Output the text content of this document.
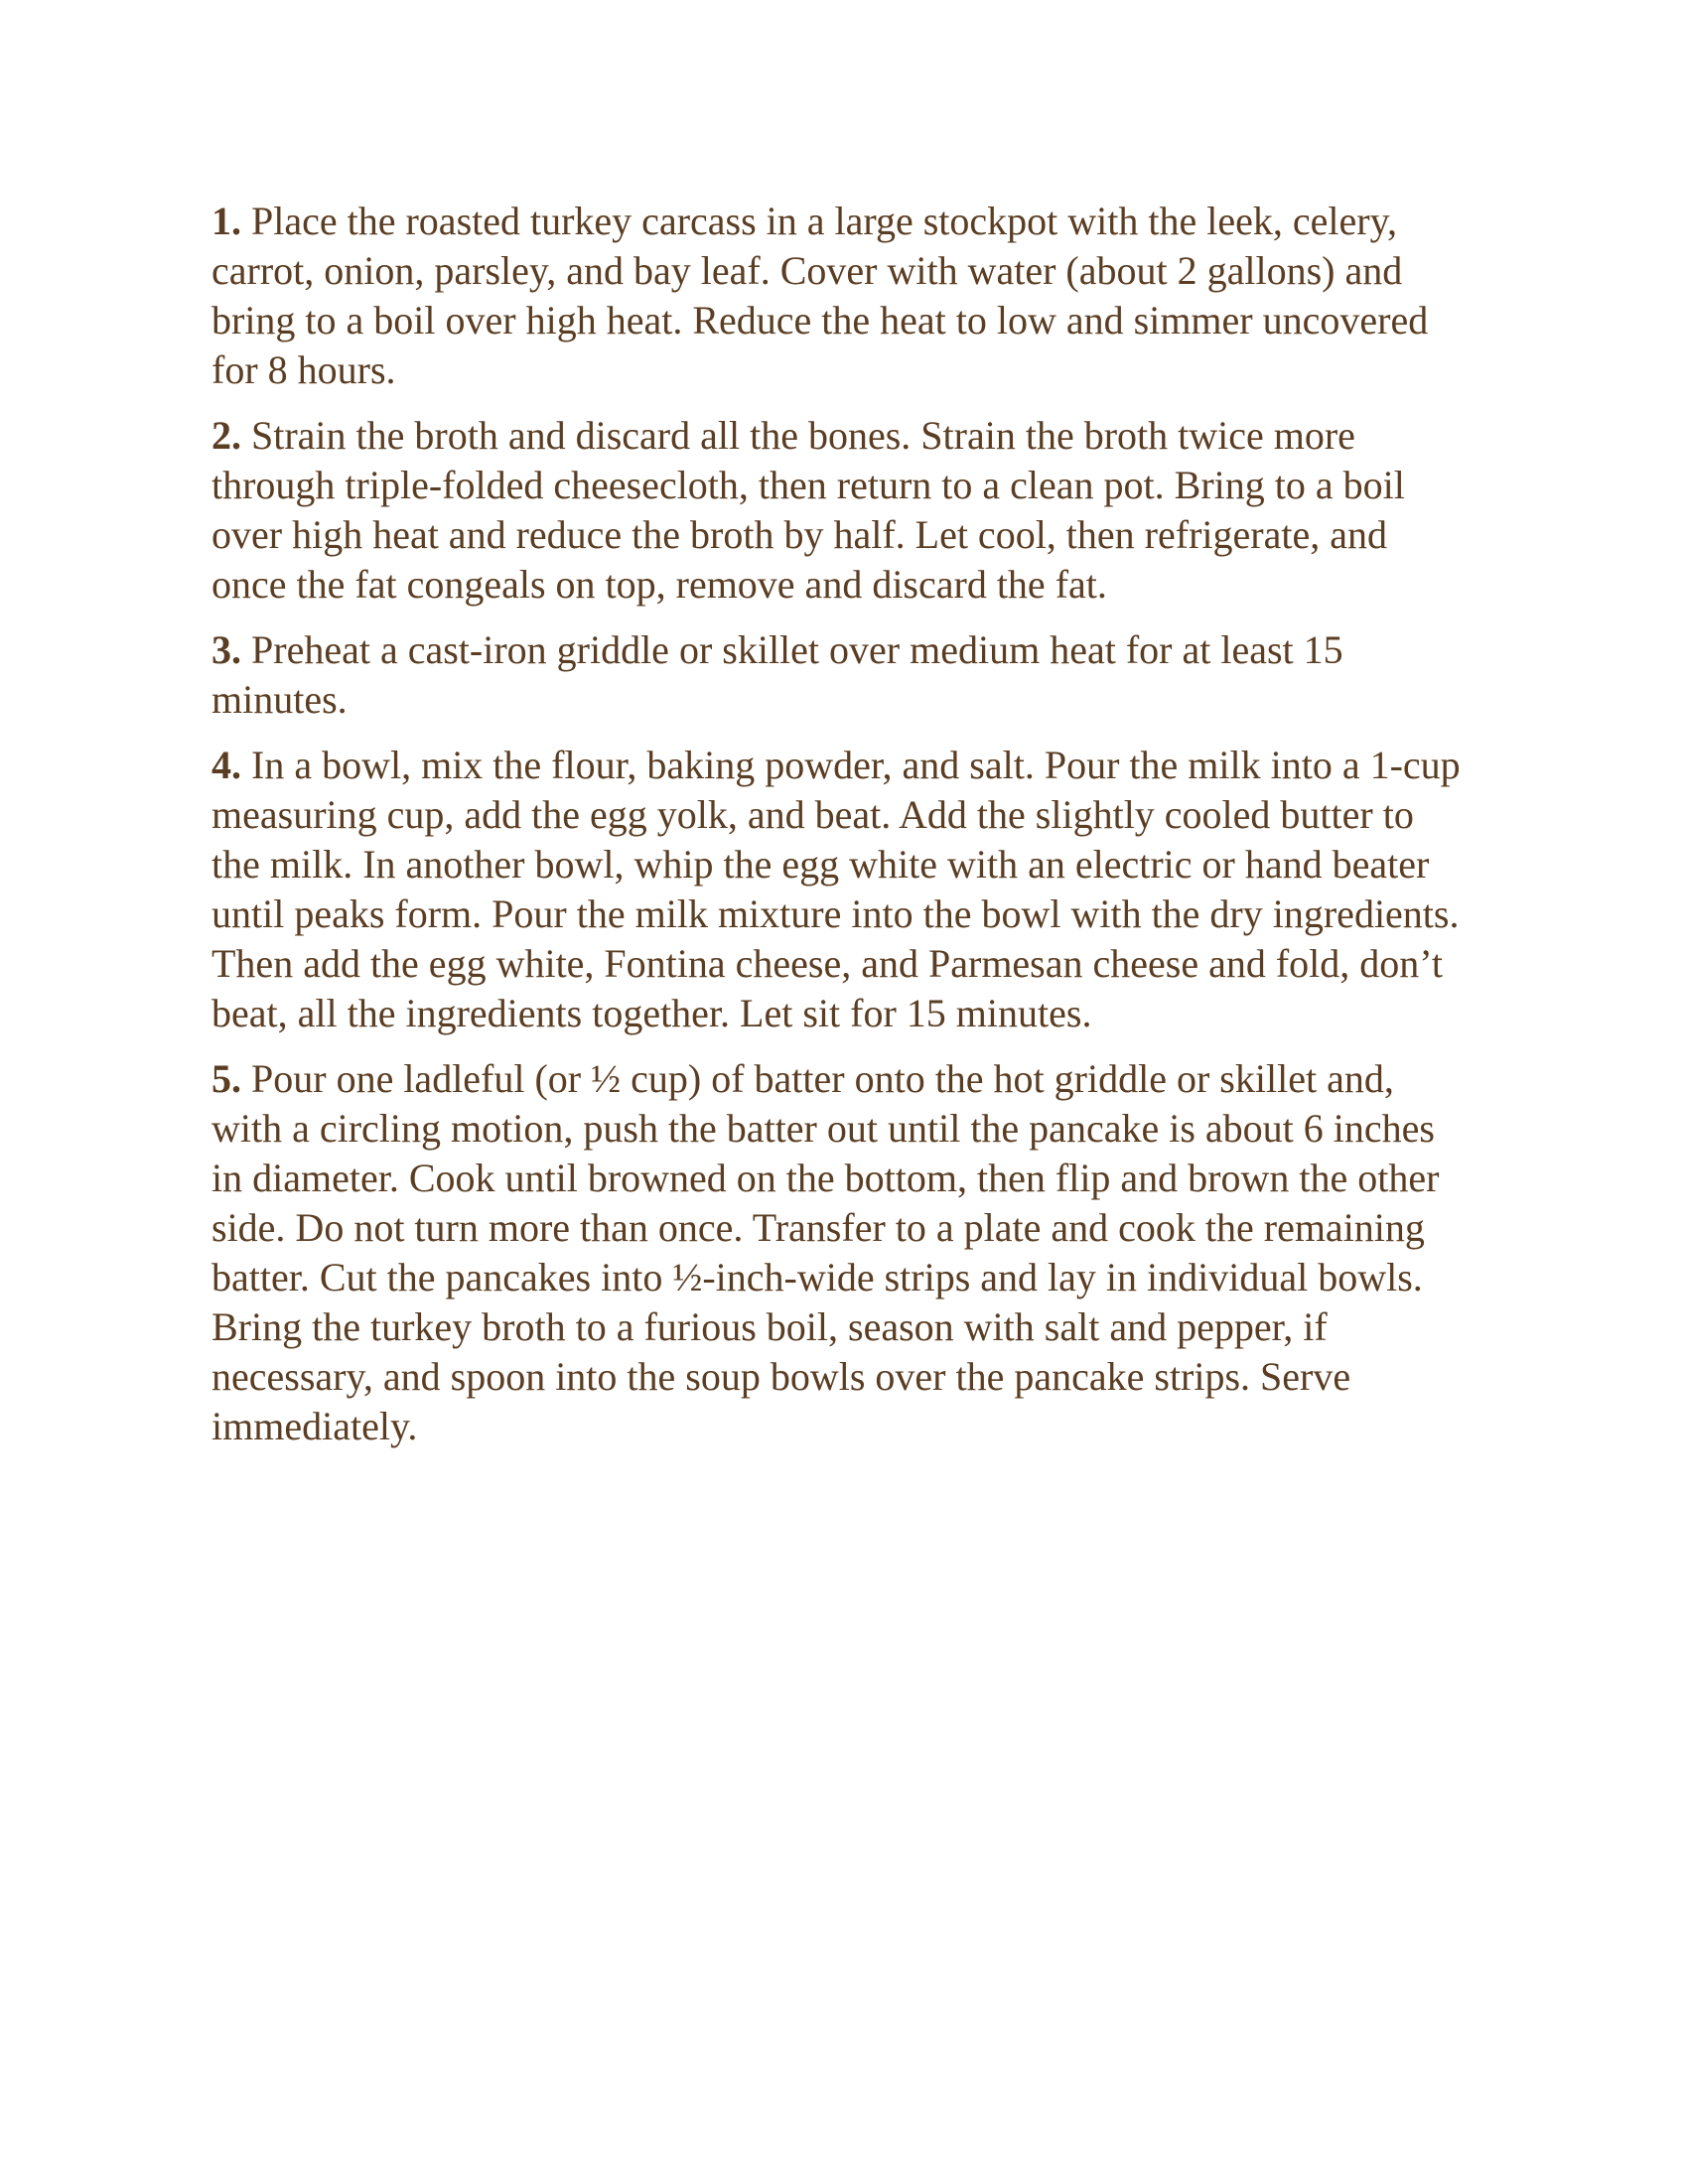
1. Place the roasted turkey carcass in a large stockpot with the leek, celery, carrot, onion, parsley, and bay leaf. Cover with water (about 2 gallons) and bring to a boil over high heat. Reduce the heat to low and simmer uncovered for 8 hours.

2. Strain the broth and discard all the bones. Strain the broth twice more through triple-folded cheesecloth, then return to a clean pot. Bring to a boil over high heat and reduce the broth by half. Let cool, then refrigerate, and once the fat congeals on top, remove and discard the fat.

3. Preheat a cast-iron griddle or skillet over medium heat for at least 15 minutes.

4. In a bowl, mix the flour, baking powder, and salt. Pour the milk into a 1-cup measuring cup, add the egg yolk, and beat. Add the slightly cooled butter to the milk. In another bowl, whip the egg white with an electric or hand beater until peaks form. Pour the milk mixture into the bowl with the dry ingredients. Then add the egg white, Fontina cheese, and Parmesan cheese and fold, don’t beat, all the ingredients together. Let sit for 15 minutes.

5. Pour one ladleful (or ½ cup) of batter onto the hot griddle or skillet and, with a circling motion, push the batter out until the pancake is about 6 inches in diameter. Cook until browned on the bottom, then flip and brown the other side. Do not turn more than once. Transfer to a plate and cook the remaining batter. Cut the pancakes into ½-inch-wide strips and lay in individual bowls. Bring the turkey broth to a furious boil, season with salt and pepper, if necessary, and spoon into the soup bowls over the pancake strips. Serve immediately.
